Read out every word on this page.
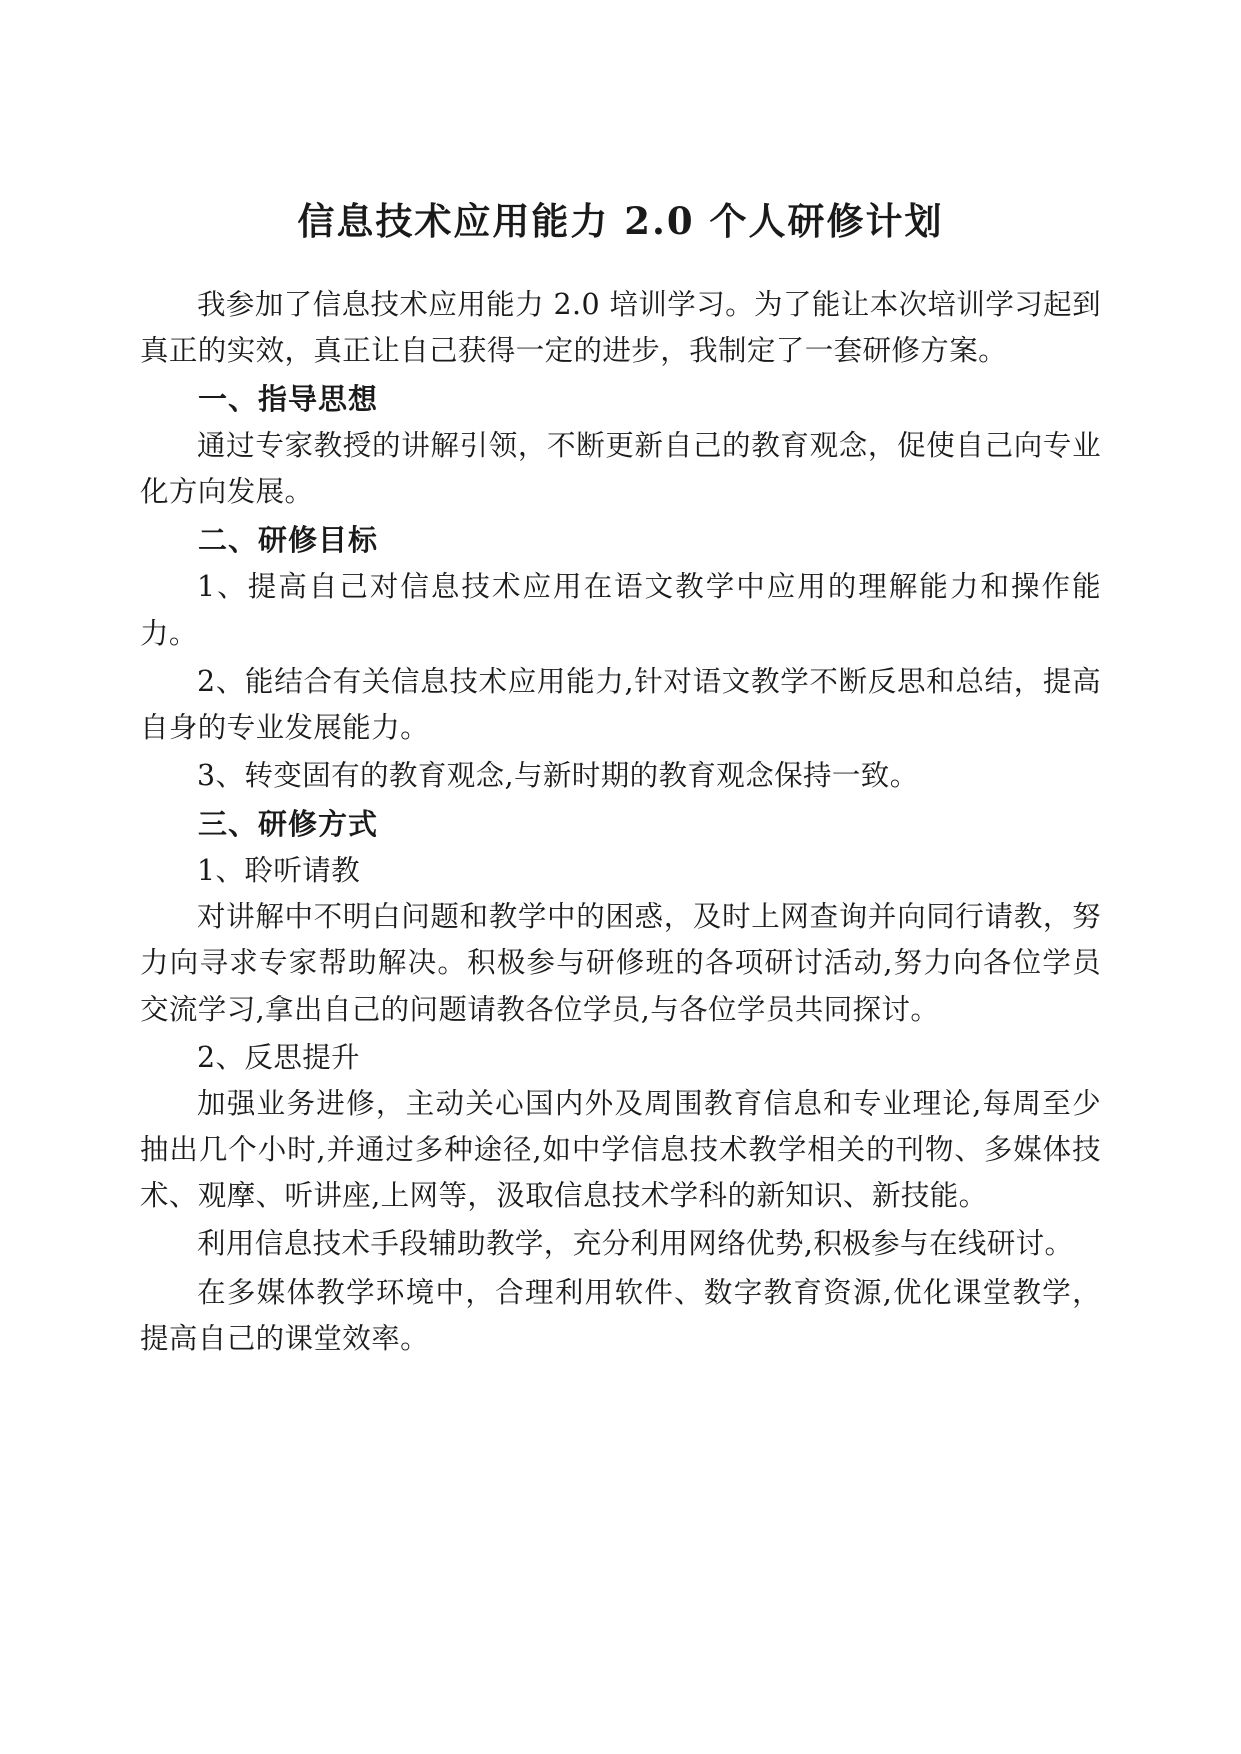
信息技术应用能力 2.0 个人研修计划

我参加了信息技术应用能力 2.0 培训学习。为了能让本次培训学习起到真正的实效，真正让自己获得一定的进步，我制定了一套研修方案。

一、指导思想

通过专家教授的讲解引领，不断更新自己的教育观念，促使自己向专业化方向发展。

二、研修目标

1、提高自己对信息技术应用在语文教学中应用的理解能力和操作能力。

2、能结合有关信息技术应用能力,针对语文教学不断反思和总结，提高自身的专业发展能力。

3、转变固有的教育观念,与新时期的教育观念保持一致。

三、研修方式

1、聆听请教

对讲解中不明白问题和教学中的困惑，及时上网查询并向同行请教，努力向寻求专家帮助解决。积极参与研修班的各项研讨活动,努力向各位学员交流学习,拿出自己的问题请教各位学员,与各位学员共同探讨。

2、反思提升

加强业务进修，主动关心国内外及周围教育信息和专业理论,每周至少抽出几个小时,并通过多种途径,如中学信息技术教学相关的刊物、多媒体技术、观摩、听讲座,上网等，汲取信息技术学科的新知识、新技能。

利用信息技术手段辅助教学，充分利用网络优势,积极参与在线研讨。

在多媒体教学环境中，合理利用软件、数字教育资源,优化课堂教学，提高自己的课堂效率。
